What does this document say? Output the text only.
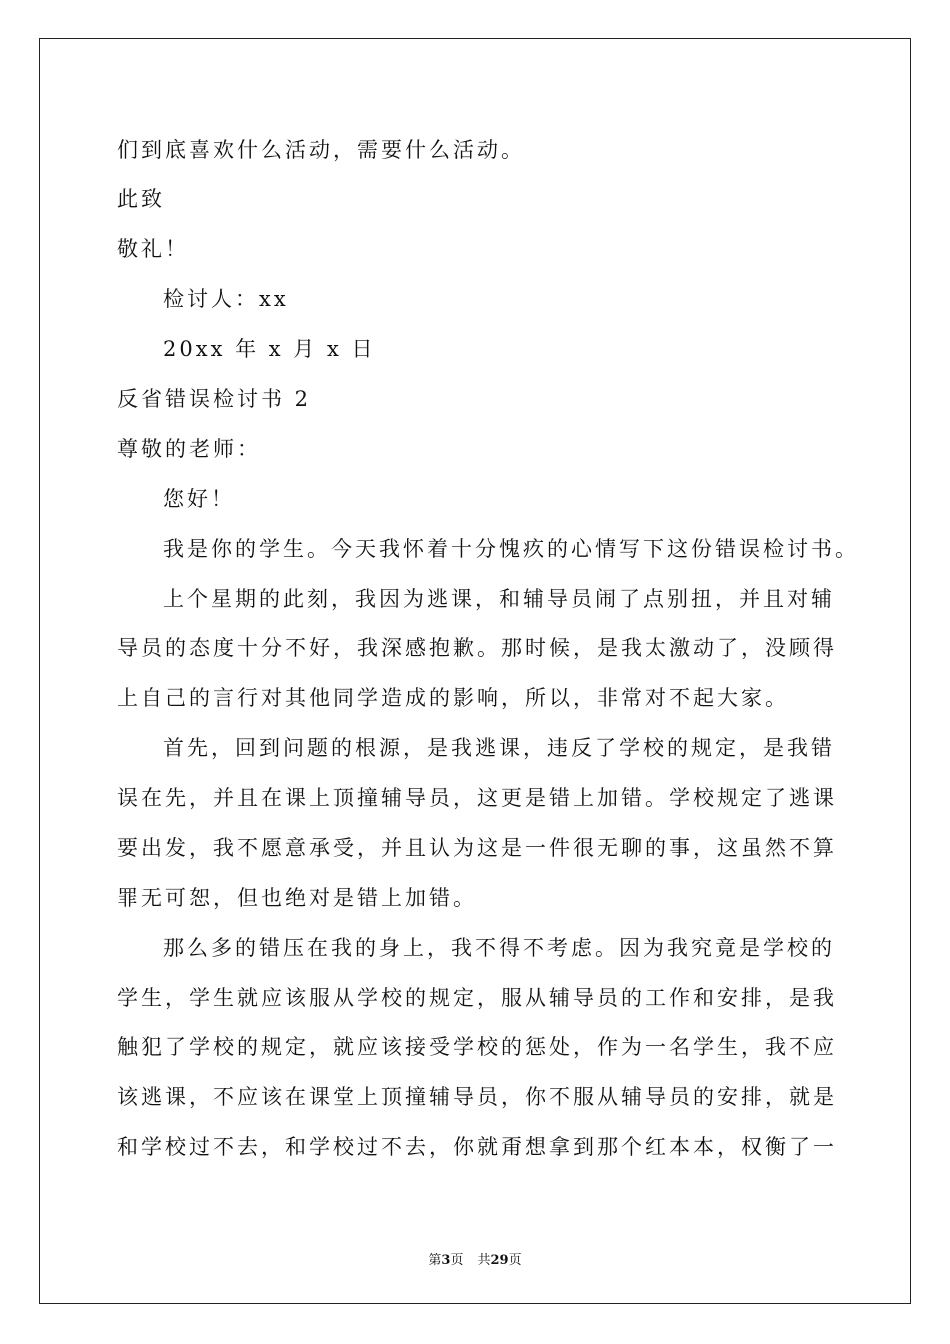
们到底喜欢什么活动，需要什么活动。
此致
敬礼！
检讨人：xx
20xx 年 x 月 x 日
反省错误检讨书 2
尊敬的老师：
您好！
我是你的学生。今天我怀着十分愧疚的心情写下这份错误检讨书。
上个星期的此刻，我因为逃课，和辅导员闹了点别扭，并且对辅
导员的态度十分不好，我深感抱歉。那时候，是我太激动了，没顾得
上自己的言行对其他同学造成的影响，所以，非常对不起大家。
首先，回到问题的根源，是我逃课，违反了学校的规定，是我错
误在先，并且在课上顶撞辅导员，这更是错上加错。学校规定了逃课
要出发，我不愿意承受，并且认为这是一件很无聊的事，这虽然不算
罪无可恕，但也绝对是错上加错。
那么多的错压在我的身上，我不得不考虑。因为我究竟是学校的
学生，学生就应该服从学校的规定，服从辅导员的工作和安排，是我
触犯了学校的规定，就应该接受学校的惩处，作为一名学生，我不应
该逃课，不应该在课堂上顶撞辅导员，你不服从辅导员的安排，就是
和学校过不去，和学校过不去，你就甭想拿到那个红本本，权衡了一
第3页 共29页
